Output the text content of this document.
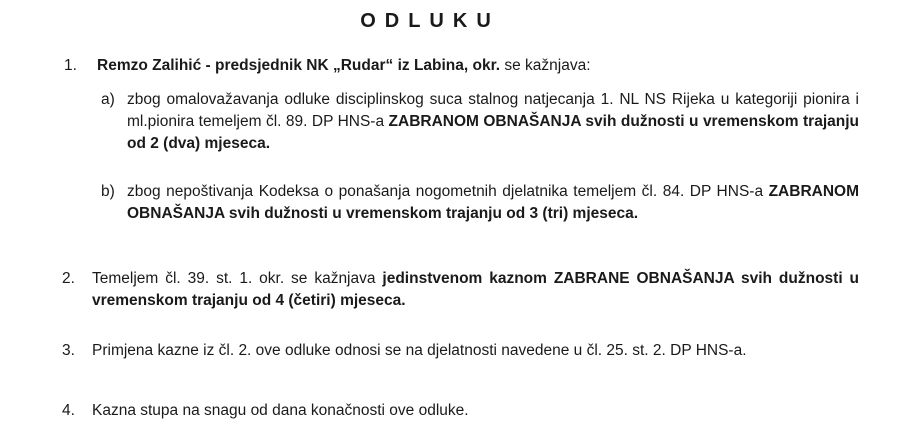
ODLUKU
1. Remzo Zalihić - predsjednik NK „Rudar“ iz Labina, okr. se kažnjava:
a) zbog omalovažavanja odluke disciplinskog suca stalnog natjecanja 1. NL NS Rijeka u kategoriji pionira i ml.pionira temeljem čl. 89. DP HNS-a ZABRANOM OBNAŠANJA svih dužnosti u vremenskom trajanju od 2 (dva) mjeseca.
b) zbog nepoštivanja Kodeksa o ponašanja nogometnih djelatnika temeljem čl. 84. DP HNS-a ZABRANOM OBNAŠANJA svih dužnosti u vremenskom trajanju od 3 (tri) mjeseca.
2. Temeljem čl. 39. st. 1. okr. se kažnjava jedinstvenom kaznom ZABRANE OBNAŠANJA svih dužnosti u vremenskom trajanju od 4 (četiri) mjeseca.
3. Primjena kazne iz čl. 2. ove odluke odnosi se na djelatnosti navedene u čl. 25. st. 2. DP HNS-a.
4. Kazna stupa na snagu od dana konačnosti ove odluke.
